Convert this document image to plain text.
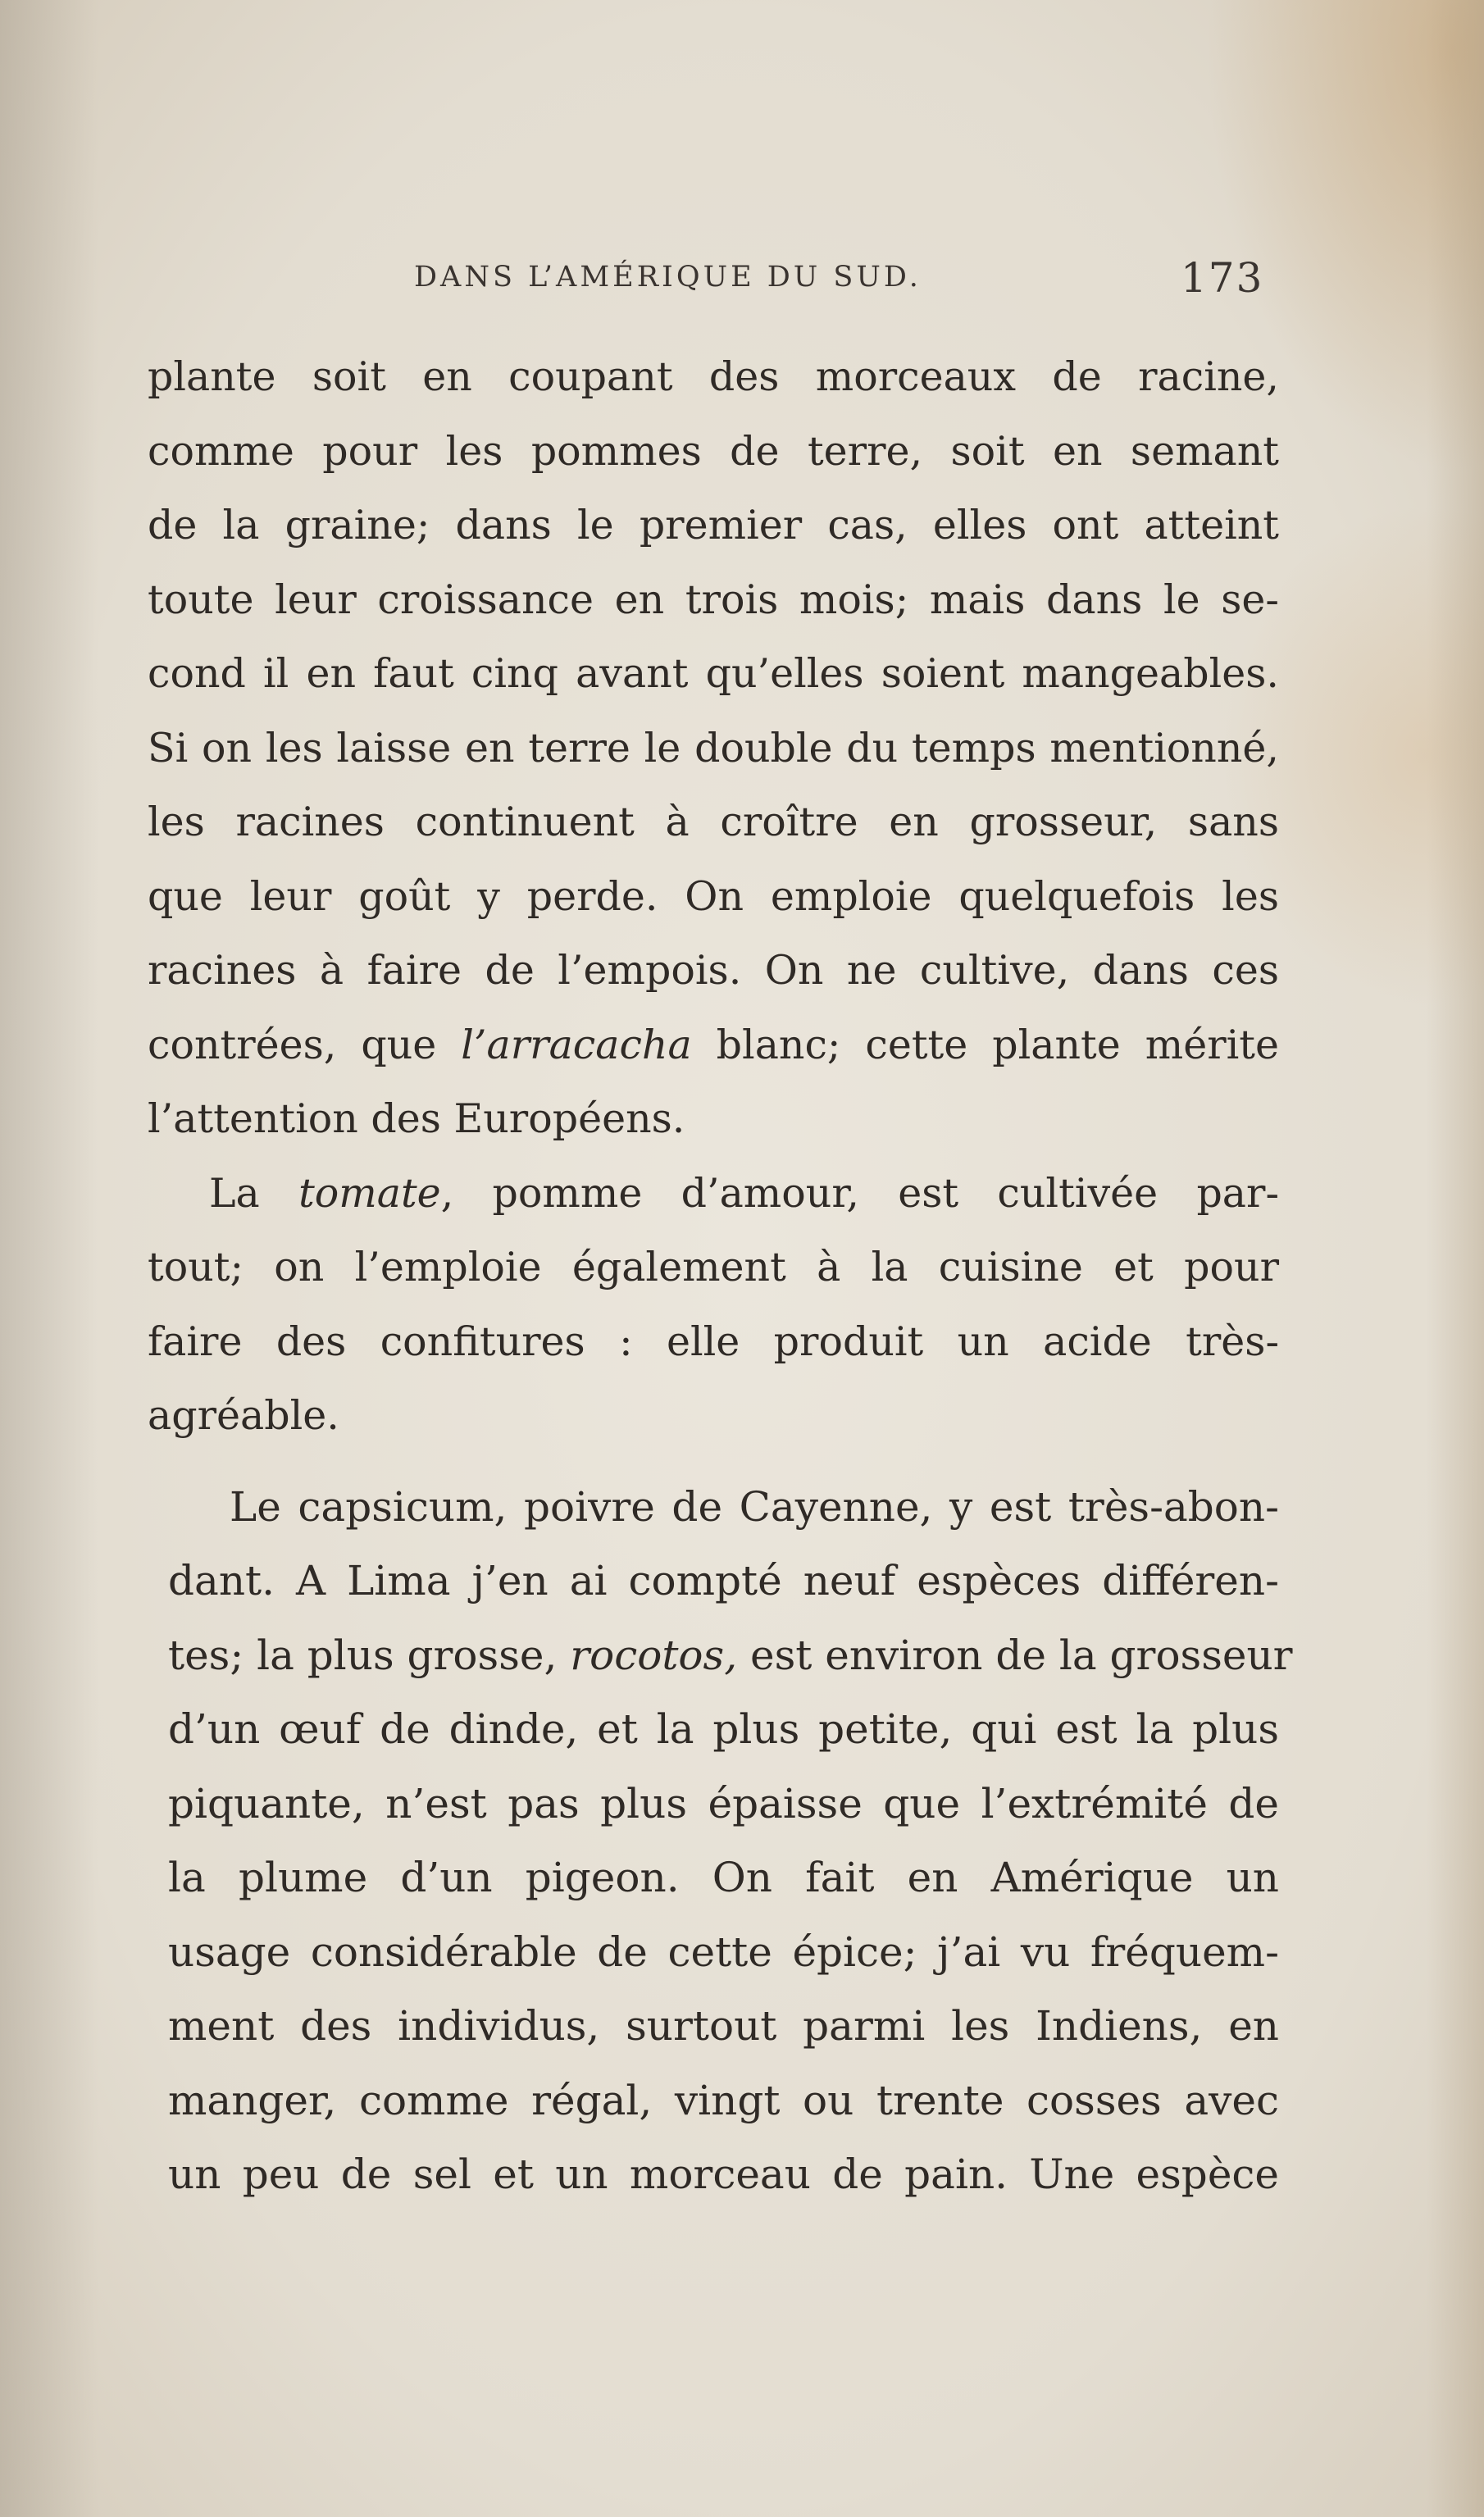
DANS L’AMÉRIQUE DU SUD.	173
plante soit en coupant des morceaux de racine,
comme pour les pommes de terre, soit en semant
de la graine; dans le premier cas, elles ont atteint
toute leur croissance en trois mois; mais dans le se-
cond il en faut cinq avant qu’elles soient mangeables.
Si on les laisse en terre le double du temps mentionné,
les racines continuent à croître en grosseur, sans
que leur goût y perde. On emploie quelquefois les
racines à faire de l’empois. On ne cultive, dans ces
contrées, que l’arracacha blanc; cette plante mérite
l’attention des Européens.
La tomate, pomme d’amour, est cultivée par-
tout; on l’emploie également à la cuisine et pour
faire des confitures : elle produit un acide très-
agréable.
Le capsicum, poivre de Cayenne, y est très-abon-
dant. A Lima j’en ai compté neuf espèces différen-
tes; la plus grosse, rocotos, est environ de la grosseur
d’un œuf de dinde, et la plus petite, qui est la plus
piquante, n’est pas plus épaisse que l’extrémité de
la plume d’un pigeon. On fait en Amérique un
usage considérable de cette épice; j’ai vu fréquem-
ment des individus, surtout parmi les Indiens, en
manger, comme régal, vingt ou trente cosses avec
un peu de sel et un morceau de pain. Une espèce
